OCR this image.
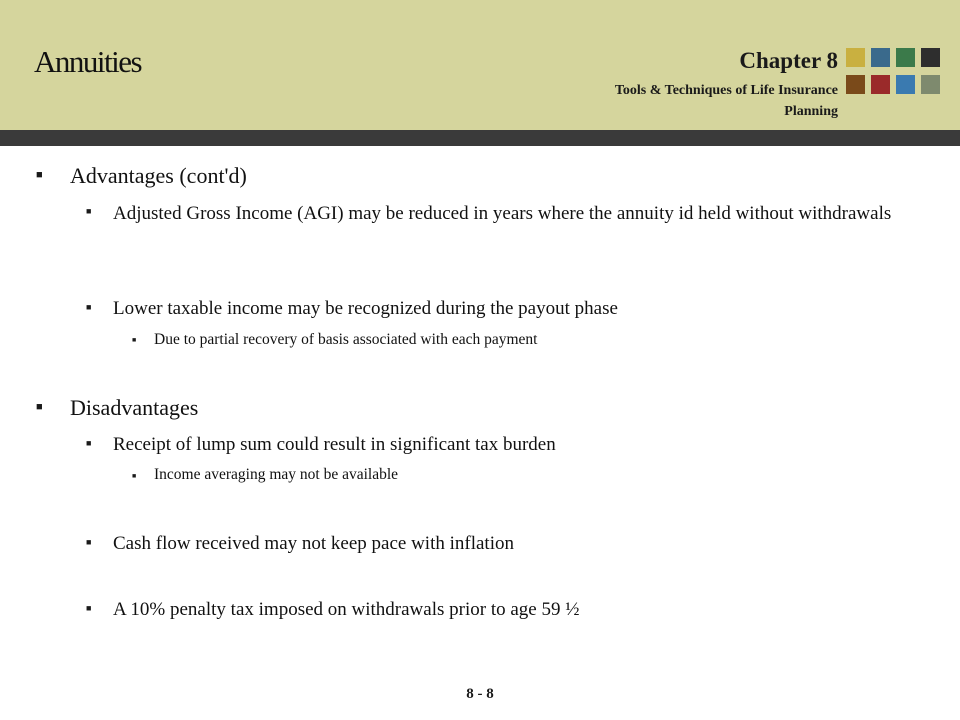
Annuities	Chapter 8
Tools & Techniques of Life Insurance Planning
■ Advantages (cont'd)
■ Adjusted Gross Income (AGI) may be reduced in years where the annuity id held without withdrawals
■ Lower taxable income may be recognized during the payout phase
■ Due to partial recovery of basis associated with each payment
■ Disadvantages
■ Receipt of lump sum could result in significant tax burden
■ Income averaging may not be available
■ Cash flow received may not keep pace with inflation
■ A 10% penalty tax imposed on withdrawals prior to age 59 ½
8 - 8
